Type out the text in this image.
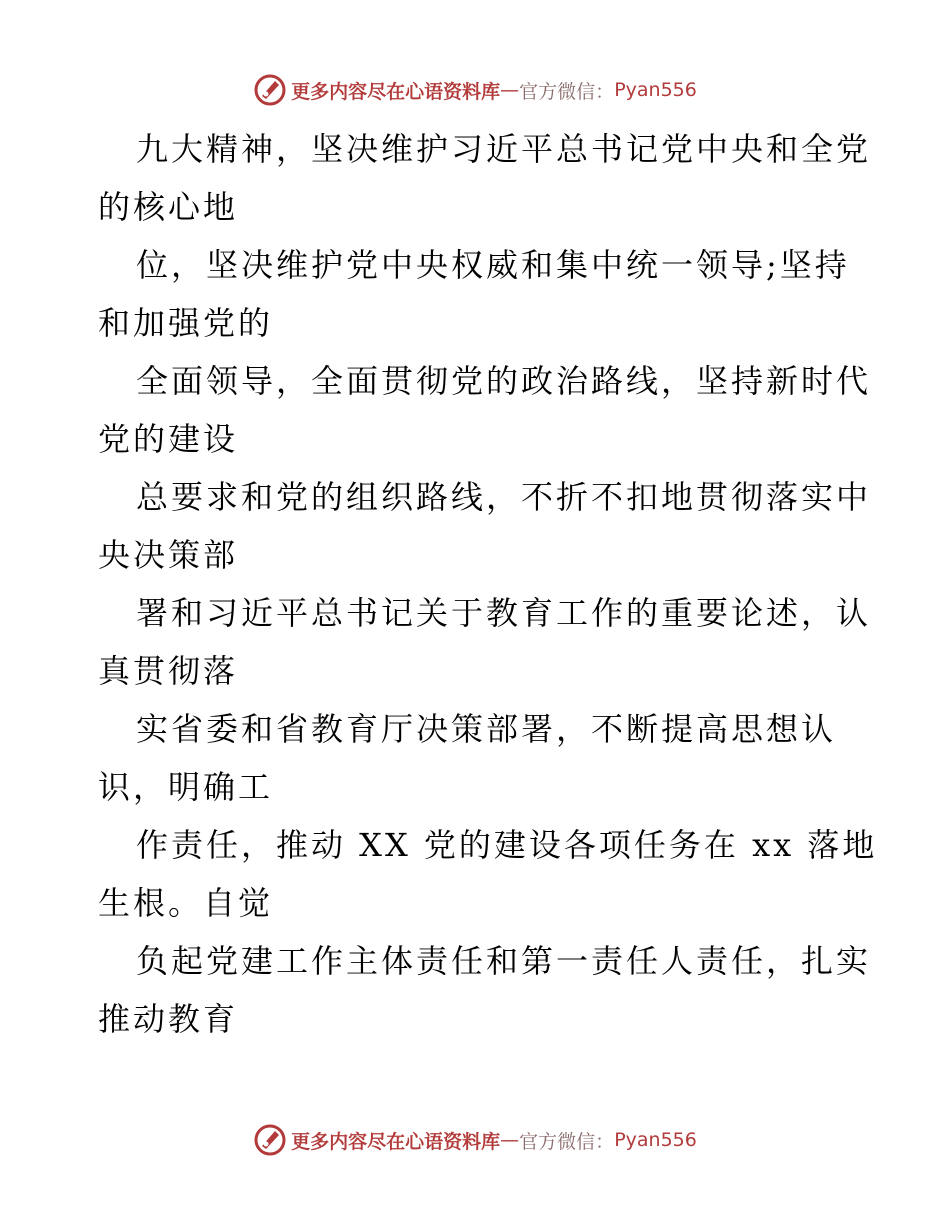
更多内容尽在心语资料库 — 官方微信： Pyan556
九大精神，坚决维护习近平总书记党中央和全党
的核心地
位，坚决维护党中央权威和集中统一领导;坚持
和加强党的
全面领导，全面贯彻党的政治路线，坚持新时代
党的建设
总要求和党的组织路线，不折不扣地贯彻落实中
央决策部
署和习近平总书记关于教育工作的重要论述，认
真贯彻落
实省委和省教育厅决策部署，不断提高思想认
识，明确工
作责任，推动 XX 党的建设各项任务在 xx 落地
生根。自觉
负起党建工作主体责任和第一责任人责任，扎实
推动教育
更多内容尽在心语资料库 — 官方微信： Pyan556
